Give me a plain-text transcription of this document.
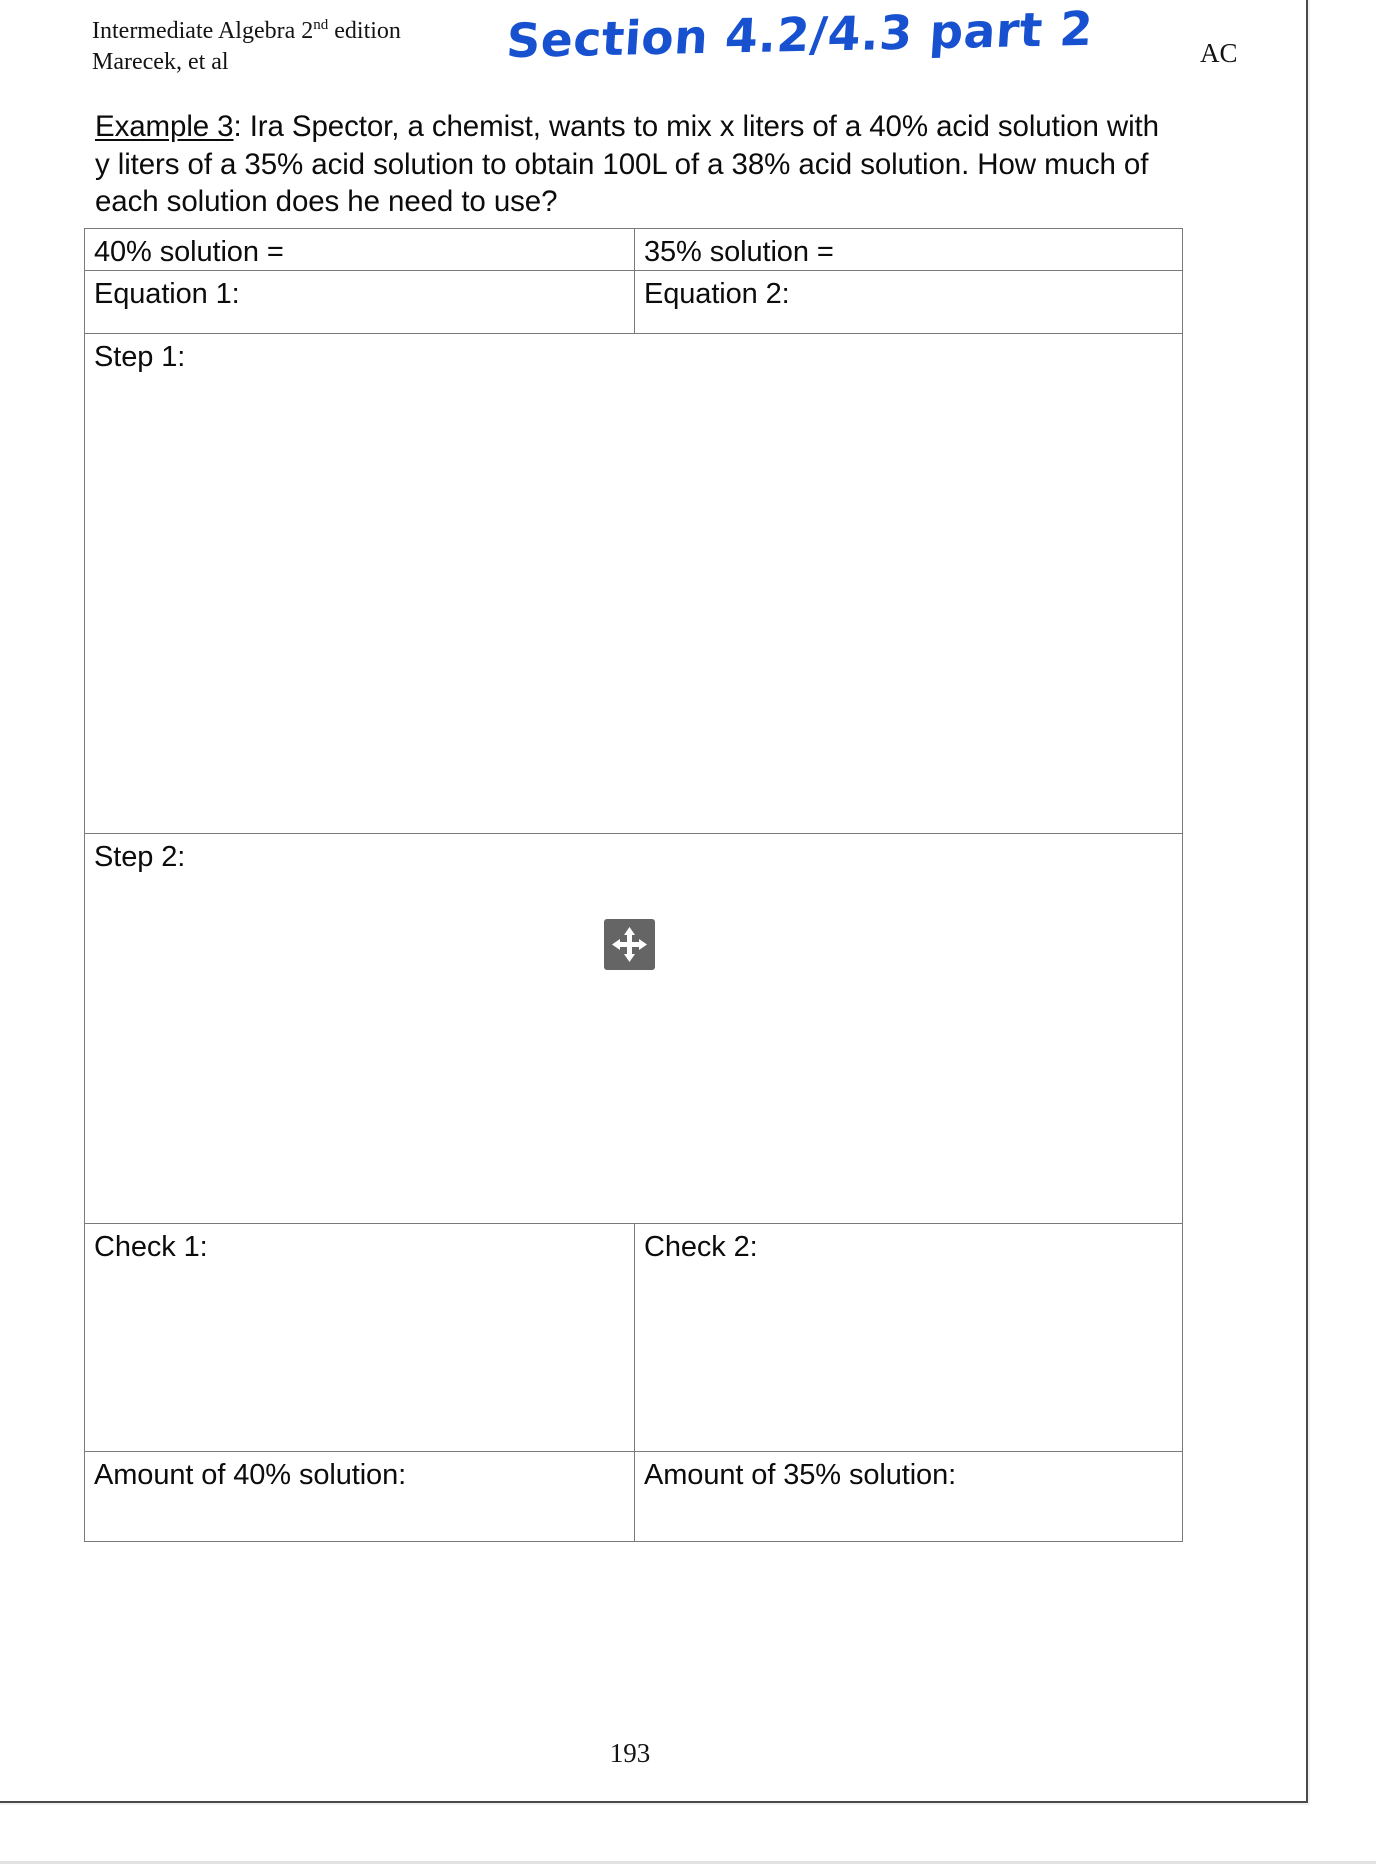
Intermediate Algebra 2nd edition
Marecek, et al	Section 4.2/4.3 part 2	AC
Example 3: Ira Spector, a chemist, wants to mix x liters of a 40% acid solution with y liters of a 35% acid solution to obtain 100L of a 38% acid solution. How much of each solution does he need to use?
40% solution =	35% solution =
Equation 1:	Equation 2:
Step 1:	
Step 2:	
Check 1:	Check 2:
Amount of 40% solution:	Amount of 35% solution:
193
